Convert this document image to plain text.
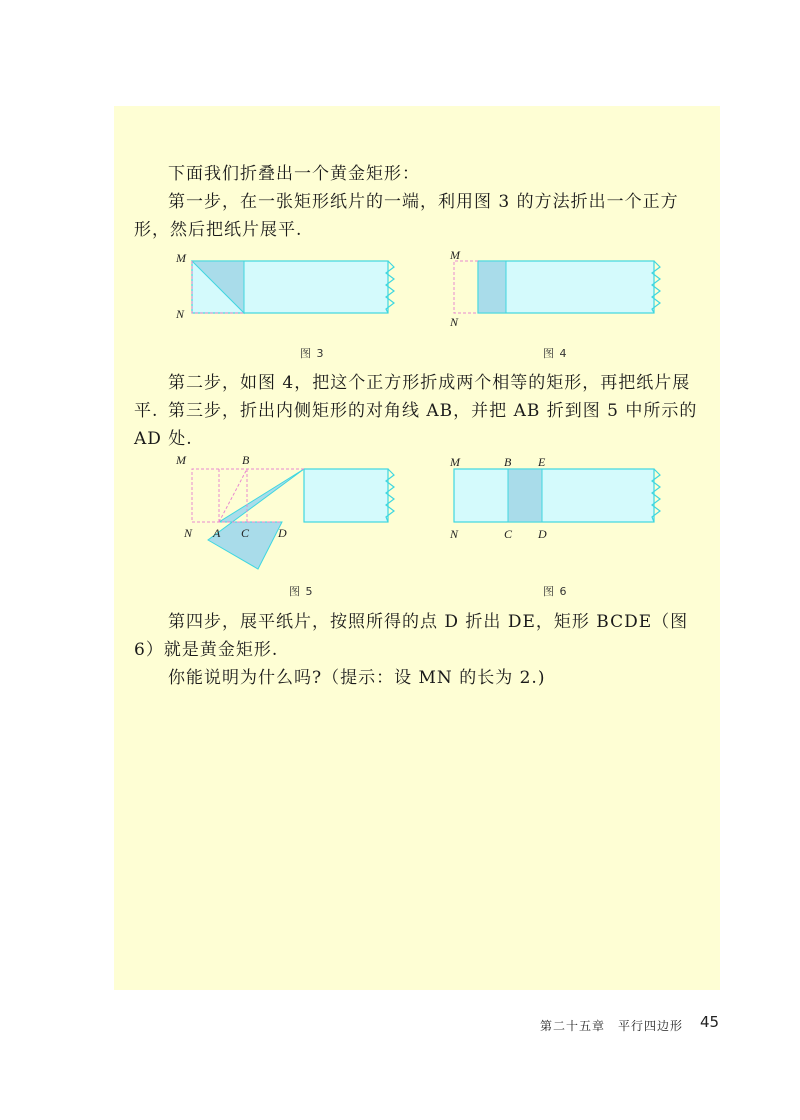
下面我们折叠出一个黄金矩形：

第一步，在一张矩形纸片的一端，利用图 3 的方法折出一个正方形，然后把纸片展平.

M
N
图 3
M
N
图 4

第二步，如图 4，把这个正方形折成两个相等的矩形，再把纸片展平. 第三步，折出内侧矩形的对角线 AB，并把 AB 折到图 5 中所示的 AD 处.

M	B
N A C D
图 5
M	B E
N	C D
图 6

第四步，展平纸片，按照所得的点 D 折出 DE，矩形 BCDE（图 6）就是黄金矩形.

你能说明为什么吗?（提示：设 MN 的长为 2.)

第二十五章　平行四边形 45
